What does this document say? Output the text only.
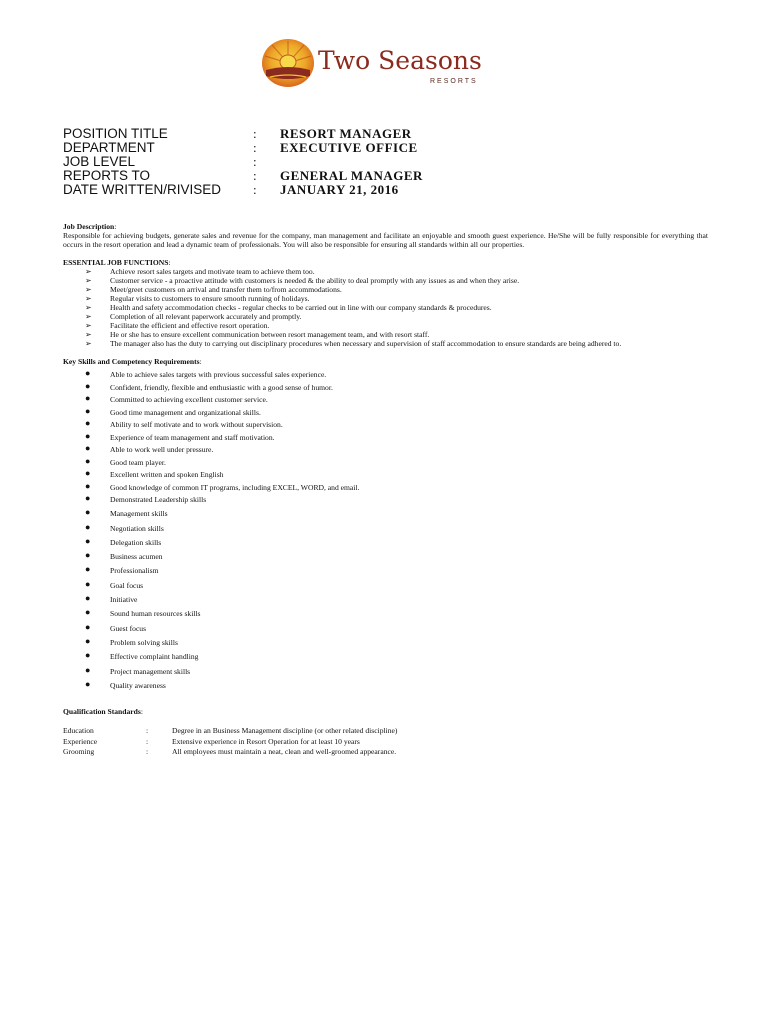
Two Seasons
RESORTS
POSITION TITLE	: RESORT MANAGER
DEPARTMENT	: EXECUTIVE OFFICE
JOB LEVEL	:
REPORTS TO	: GENERAL MANAGER
DATE WRITTEN/RIVISED : JANUARY 21, 2016
Job Description:
Responsible for achieving budgets, generate sales and revenue for the company, man management and facilitate an enjoyable and smooth guest experience. He/She will be fully responsible for everything that occurs in the resort operation and lead a dynamic team of professionals. You will also be responsible for ensuring all standards within all our properties.
ESSENTIAL JOB FUNCTIONS:
➢ Achieve resort sales targets and motivate team to achieve them too.
➢ Customer service - a proactive attitude with customers is needed & the ability to deal promptly with any issues as and when they arise.
➢ Meet/greet customers on arrival and transfer them to/from accommodations.
➢ Regular visits to customers to ensure smooth running of holidays.
➢ Health and safety accommodation checks - regular checks to be carried out in line with our company standards & procedures.
➢ Completion of all relevant paperwork accurately and promptly.
➢ Facilitate the efficient and effective resort operation.
➢ He or she has to ensure excellent communication between resort management team, and with resort staff.
➢ The manager also has the duty to carrying out disciplinary procedures when necessary and supervision of staff accommodation to ensure standards are being adhered to.
Key Skills and Competency Requirements:
●	Able to achieve sales targets with previous successful sales experience.
●	Confident, friendly, flexible and enthusiastic with a good sense of humor.
●	Committed to achieving excellent customer service.
●	Good time management and organizational skills.
●	Ability to self motivate and to work without supervision.
●	Experience of team management and staff motivation.
●	Able to work well under pressure.
●	Good team player.
●	Excellent written and spoken English
●	Good knowledge of common IT programs, including EXCEL, WORD, and email.
●	Demonstrated Leadership skills
●	Management skills
●	Negotiation skills
●	Delegation skills
●	Business acumen
●	Professionalism
●	Goal focus
●	Initiative
●	Sound human resources skills
●	Guest focus
●	Problem solving skills
●	Effective complaint handling
●	Project management skills
●	Quality awareness
Qualification Standards:
Education	:	Degree in an Business Management discipline (or other related discipline)
Experience	:	Extensive experience in Resort Operation for at least 10 years
Grooming	:	All employees must maintain a neat, clean and well-groomed appearance.
